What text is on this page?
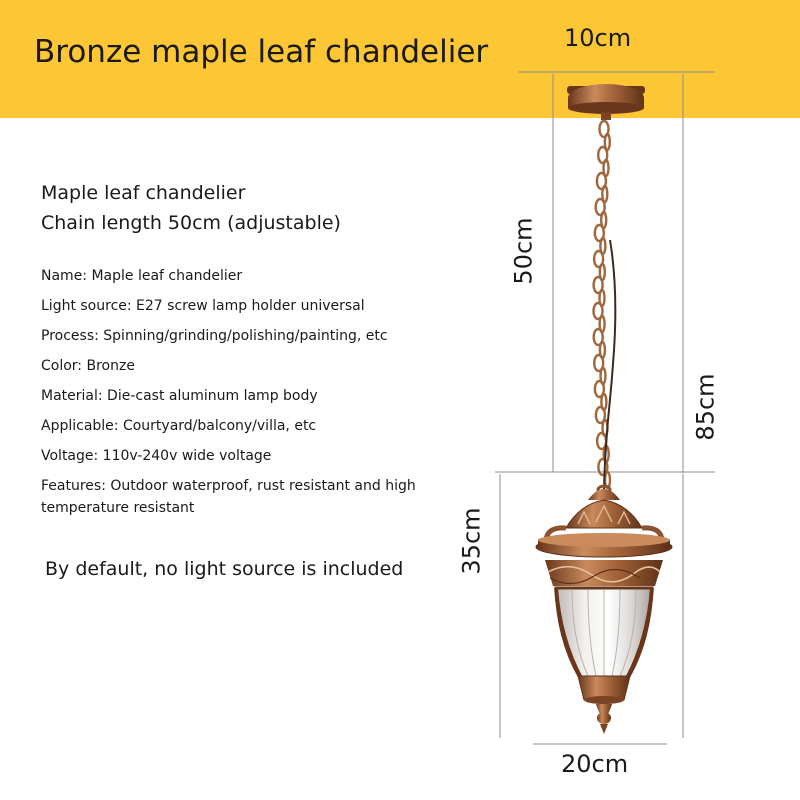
Bronze maple leaf chandelier
Maple leaf chandelier
Chain length 50cm (adjustable)
Name: Maple leaf chandelier
Light source: E27 screw lamp holder universal
Process: Spinning/grinding/polishing/painting, etc
Color: Bronze
Material: Die-cast aluminum lamp body
Applicable: Courtyard/balcony/villa, etc
Voltage: 110v-240v wide voltage
Features: Outdoor waterproof, rust resistant and high temperature resistant
By default, no light source is included
10cm
50cm
85cm
35cm
20cm
